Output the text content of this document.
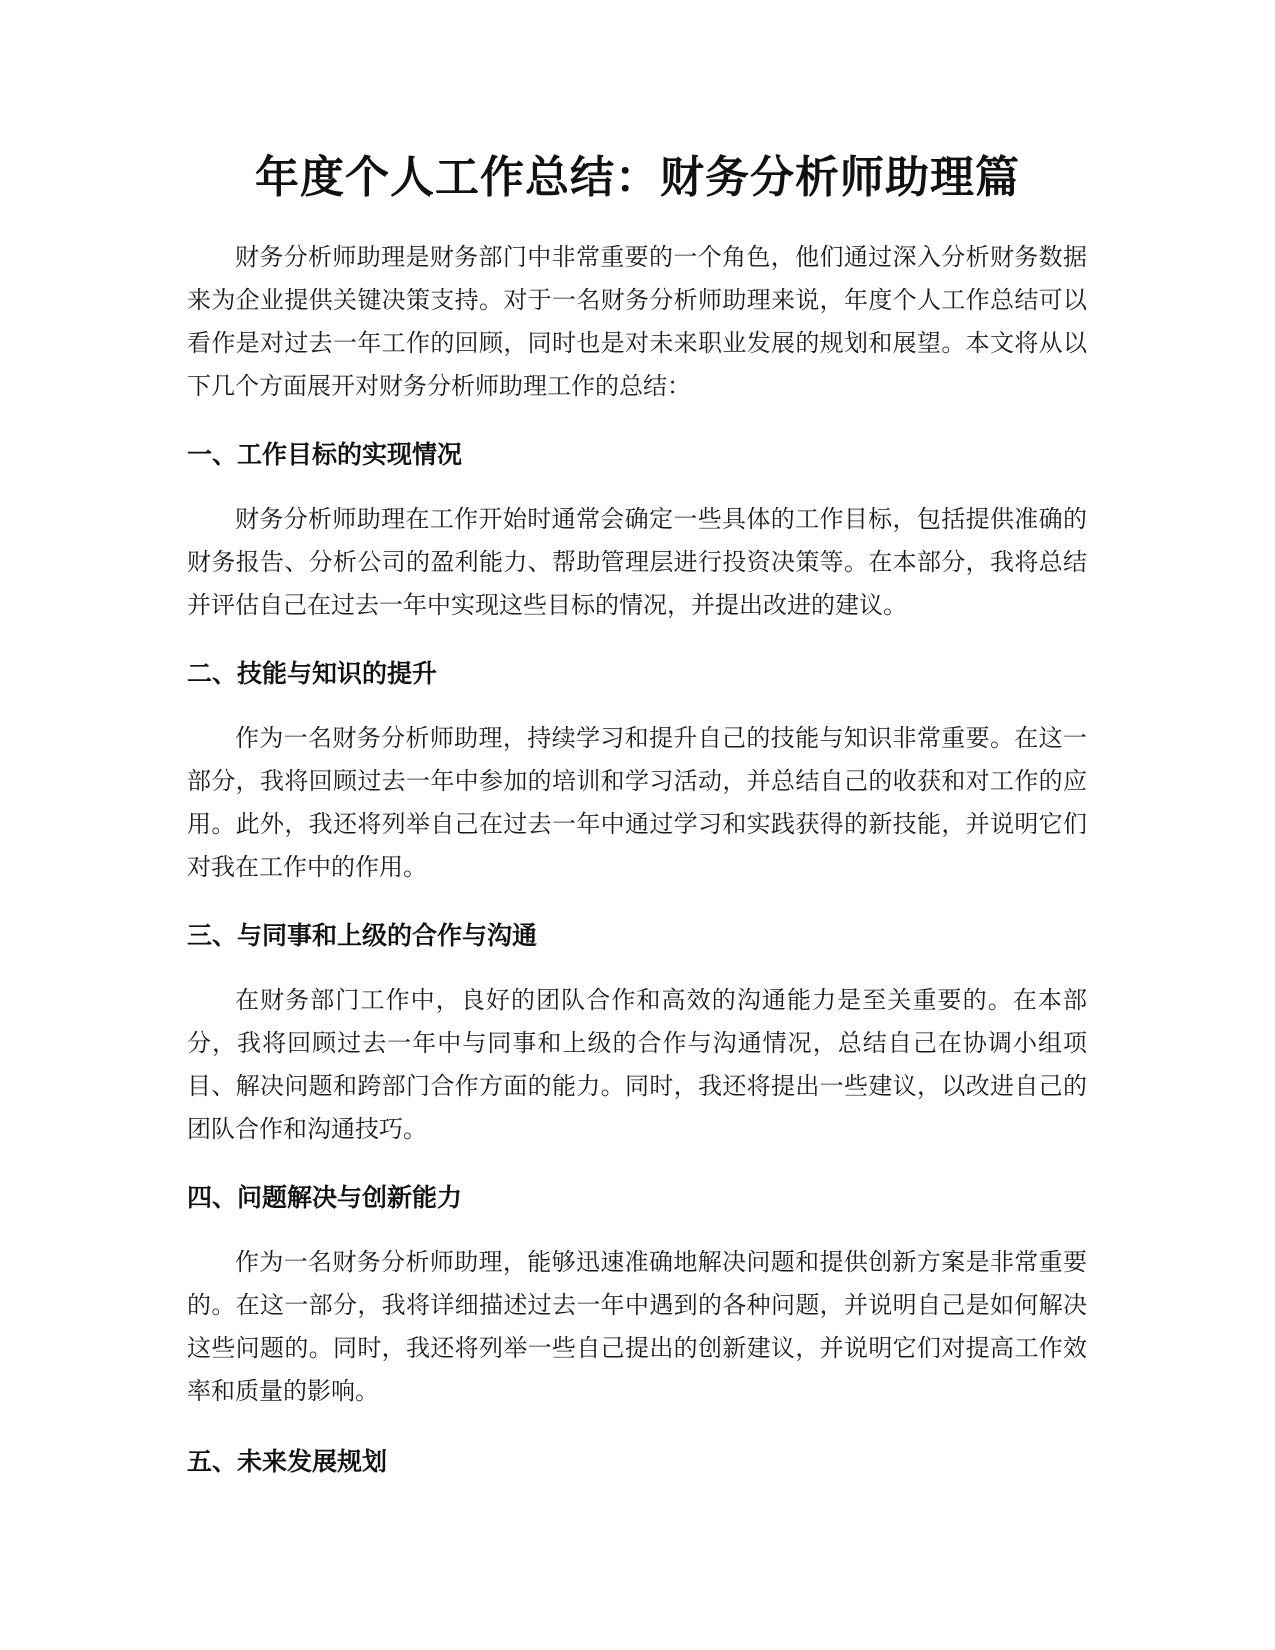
年度个人工作总结：财务分析师助理篇

财务分析师助理是财务部门中非常重要的一个角色，他们通过深入分析财务数据来为企业提供关键决策支持。对于一名财务分析师助理来说，年度个人工作总结可以看作是对过去一年工作的回顾，同时也是对未来职业发展的规划和展望。本文将从以下几个方面展开对财务分析师助理工作的总结：

一、工作目标的实现情况

财务分析师助理在工作开始时通常会确定一些具体的工作目标，包括提供准确的财务报告、分析公司的盈利能力、帮助管理层进行投资决策等。在本部分，我将总结并评估自己在过去一年中实现这些目标的情况，并提出改进的建议。

二、技能与知识的提升

作为一名财务分析师助理，持续学习和提升自己的技能与知识非常重要。在这一部分，我将回顾过去一年中参加的培训和学习活动，并总结自己的收获和对工作的应用。此外，我还将列举自己在过去一年中通过学习和实践获得的新技能，并说明它们对我在工作中的作用。

三、与同事和上级的合作与沟通

在财务部门工作中，良好的团队合作和高效的沟通能力是至关重要的。在本部分，我将回顾过去一年中与同事和上级的合作与沟通情况，总结自己在协调小组项目、解决问题和跨部门合作方面的能力。同时，我还将提出一些建议，以改进自己的团队合作和沟通技巧。

四、问题解决与创新能力

作为一名财务分析师助理，能够迅速准确地解决问题和提供创新方案是非常重要的。在这一部分，我将详细描述过去一年中遇到的各种问题，并说明自己是如何解决这些问题的。同时，我还将列举一些自己提出的创新建议，并说明它们对提高工作效率和质量的影响。

五、未来发展规划
